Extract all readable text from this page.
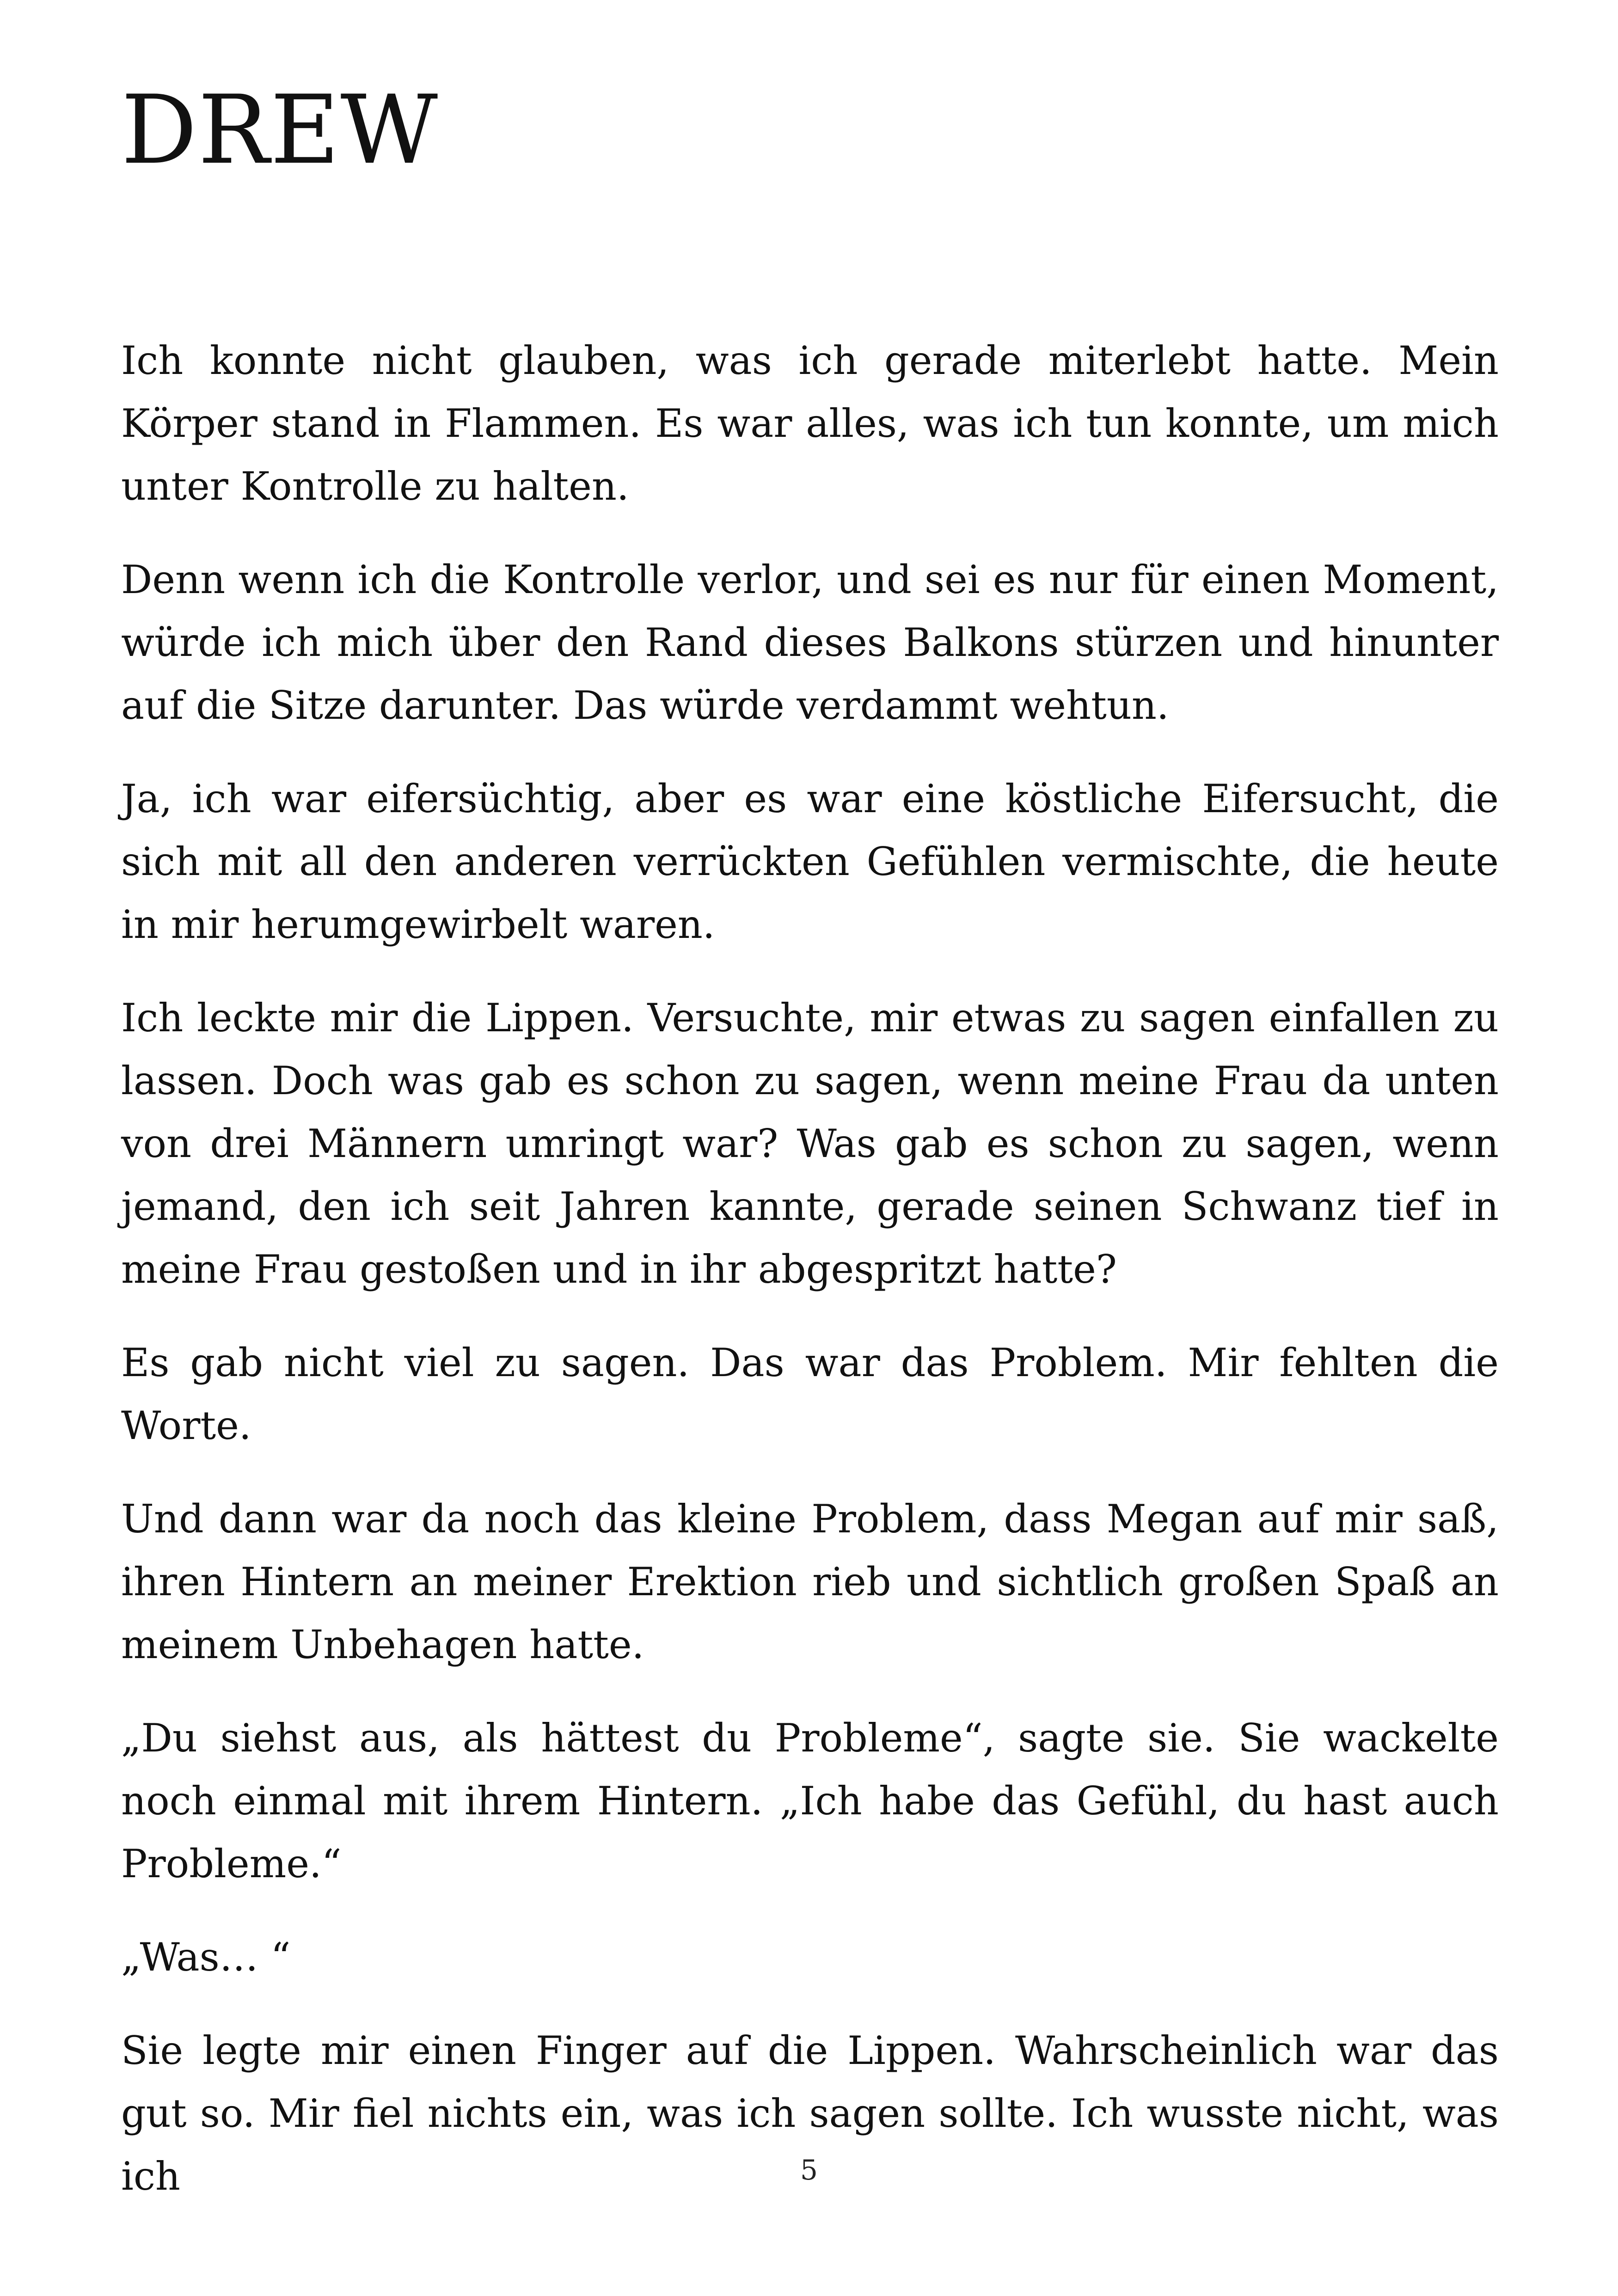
DREW

Ich konnte nicht glauben, was ich gerade miterlebt hatte. Mein Körper stand in Flammen. Es war alles, was ich tun konnte, um mich unter Kontrolle zu halten.

Denn wenn ich die Kontrolle verlor, und sei es nur für einen Moment, würde ich mich über den Rand dieses Balkons stürzen und hinunter auf die Sitze darunter. Das würde verdammt wehtun.

Ja, ich war eifersüchtig, aber es war eine köstliche Eifersucht, die sich mit all den anderen verrückten Gefühlen vermischte, die heute in mir herumgewirbelt waren.

Ich leckte mir die Lippen. Versuchte, mir etwas zu sagen einfallen zu lassen. Doch was gab es schon zu sagen, wenn meine Frau da unten von drei Männern umringt war? Was gab es schon zu sagen, wenn jemand, den ich seit Jahren kannte, gerade seinen Schwanz tief in meine Frau gestoßen und in ihr abgespritzt hatte?

Es gab nicht viel zu sagen. Das war das Problem. Mir fehlten die Worte.

Und dann war da noch das kleine Problem, dass Megan auf mir saß, ihren Hintern an meiner Erektion rieb und sichtlich großen Spaß an meinem Unbehagen hatte.

„Du siehst aus, als hättest du Probleme“, sagte sie. Sie wackelte noch einmal mit ihrem Hintern. „Ich habe das Gefühl, du hast auch Probleme.“

„Was… “

Sie legte mir einen Finger auf die Lippen. Wahrscheinlich war das gut so. Mir fiel nichts ein, was ich sagen sollte. Ich wusste nicht, was ich	5
